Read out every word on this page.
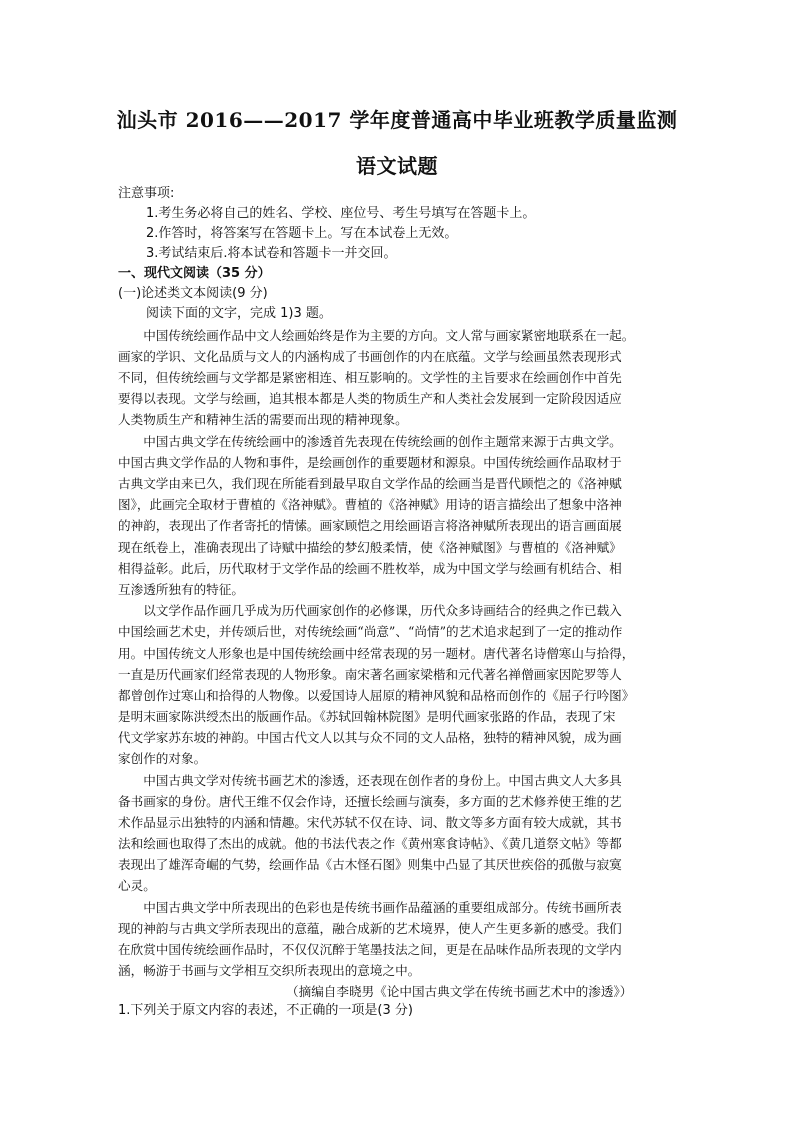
汕头市 2016——2017 学年度普通高中毕业班教学质量监测
语文试题

注意事项:

1.考生务必将自己的姓名、学校、座位号、考生号填写在答题卡上。

2.作答时，将答案写在答题卡上。写在本试卷上无效。

3.考试结束后.将本试卷和答题卡一并交回。

一、现代文阅读（35 分）

(一)论述类文本阅读(9 分)

阅读下面的文字，完成 1)3 题。

　　中国传统绘画作品中文人绘画始终是作为主要的方向。文人常与画家紧密地联系在一起。

画家的学识、文化品质与文人的内涵构成了书画创作的内在底蕴。文学与绘画虽然表现形式

不同，但传统绘画与文学都是紧密相连、相互影响的。文学性的主旨要求在绘画创作中首先

要得以表现。文学与绘画，追其根本都是人类的物质生产和人类社会发展到一定阶段因适应

人类物质生产和精神生活的需要而出现的精神现象。

　　中国古典文学在传统绘画中的渗透首先表现在传统绘画的创作主题常来源于古典文学。

中国古典文学作品的人物和事件，是绘画创作的重要题材和源泉。中国传统绘画作品取材于

古典文学由来已久，我们现在所能看到最早取自文学作品的绘画当是晋代顾恺之的《洛神赋

图》，此画完全取材于曹植的《洛神赋》。曹植的《洛神赋》用诗的语言描绘出了想象中洛神

的神韵，表现出了作者寄托的情愫。画家顾恺之用绘画语言将洛神赋所表现出的语言画面展

现在纸卷上，准确表现出了诗赋中描绘的梦幻般柔情，使《洛神赋图》与曹植的《洛神赋》

相得益彰。此后，历代取材于文学作品的绘画不胜枚举，成为中国文学与绘画有机结合、相

互渗透所独有的特征。

　　以文学作品作画几乎成为历代画家创作的必修课，历代众多诗画结合的经典之作已载入

中国绘画艺术史，并传颂后世，对传统绘画“尚意”、“尚情”的艺术追求起到了一定的推动作

用。中国传统文人形象也是中国传统绘画中经常表现的另一题材。唐代著名诗僧寒山与拾得，

一直是历代画家们经常表现的人物形象。南宋著名画家梁楷和元代著名禅僧画家因陀罗等人

都曾创作过寒山和拾得的人物像。以爱国诗人屈原的精神风貌和品格而创作的《屈子行吟图》

是明末画家陈洪绶杰出的版画作品。《苏轼回翰林院图》是明代画家张路的作品，表现了宋

代文学家苏东坡的神韵。中国古代文人以其与众不同的文人品格，独特的精神风貌，成为画

家创作的对象。

　　中国古典文学对传统书画艺术的渗透，还表现在创作者的身份上。中国古典文人大多具

备书画家的身份。唐代王维不仅会作诗，还擅长绘画与演奏，多方面的艺术修养使王维的艺

术作品显示出独特的内涵和情趣。宋代苏轼不仅在诗、词、散文等多方面有较大成就，其书

法和绘画也取得了杰出的成就。他的书法代表之作《黄州寒食诗帖》、《黄几道祭文帖》等都

表现出了雄浑奇崛的气势，绘画作品《古木怪石图》则集中凸显了其厌世疾俗的孤傲与寂寞

心灵。

　　中国古典文学中所表现出的色彩也是传统书画作品蕴涵的重要组成部分。传统书画所表

现的神韵与古典文学所表现出的意蕴，融合成新的艺术境界，使人产生更多新的感受。我们

在欣赏中国传统绘画作品时，不仅仅沉醉于笔墨技法之间，更是在品味作品所表现的文学内

涵，畅游于书画与文学相互交织所表现出的意境之中。

（摘编自李晓男《论中国古典文学在传统书画艺术中的渗透》）

1.下列关于原文内容的表述，不正确的一项是(3 分)
